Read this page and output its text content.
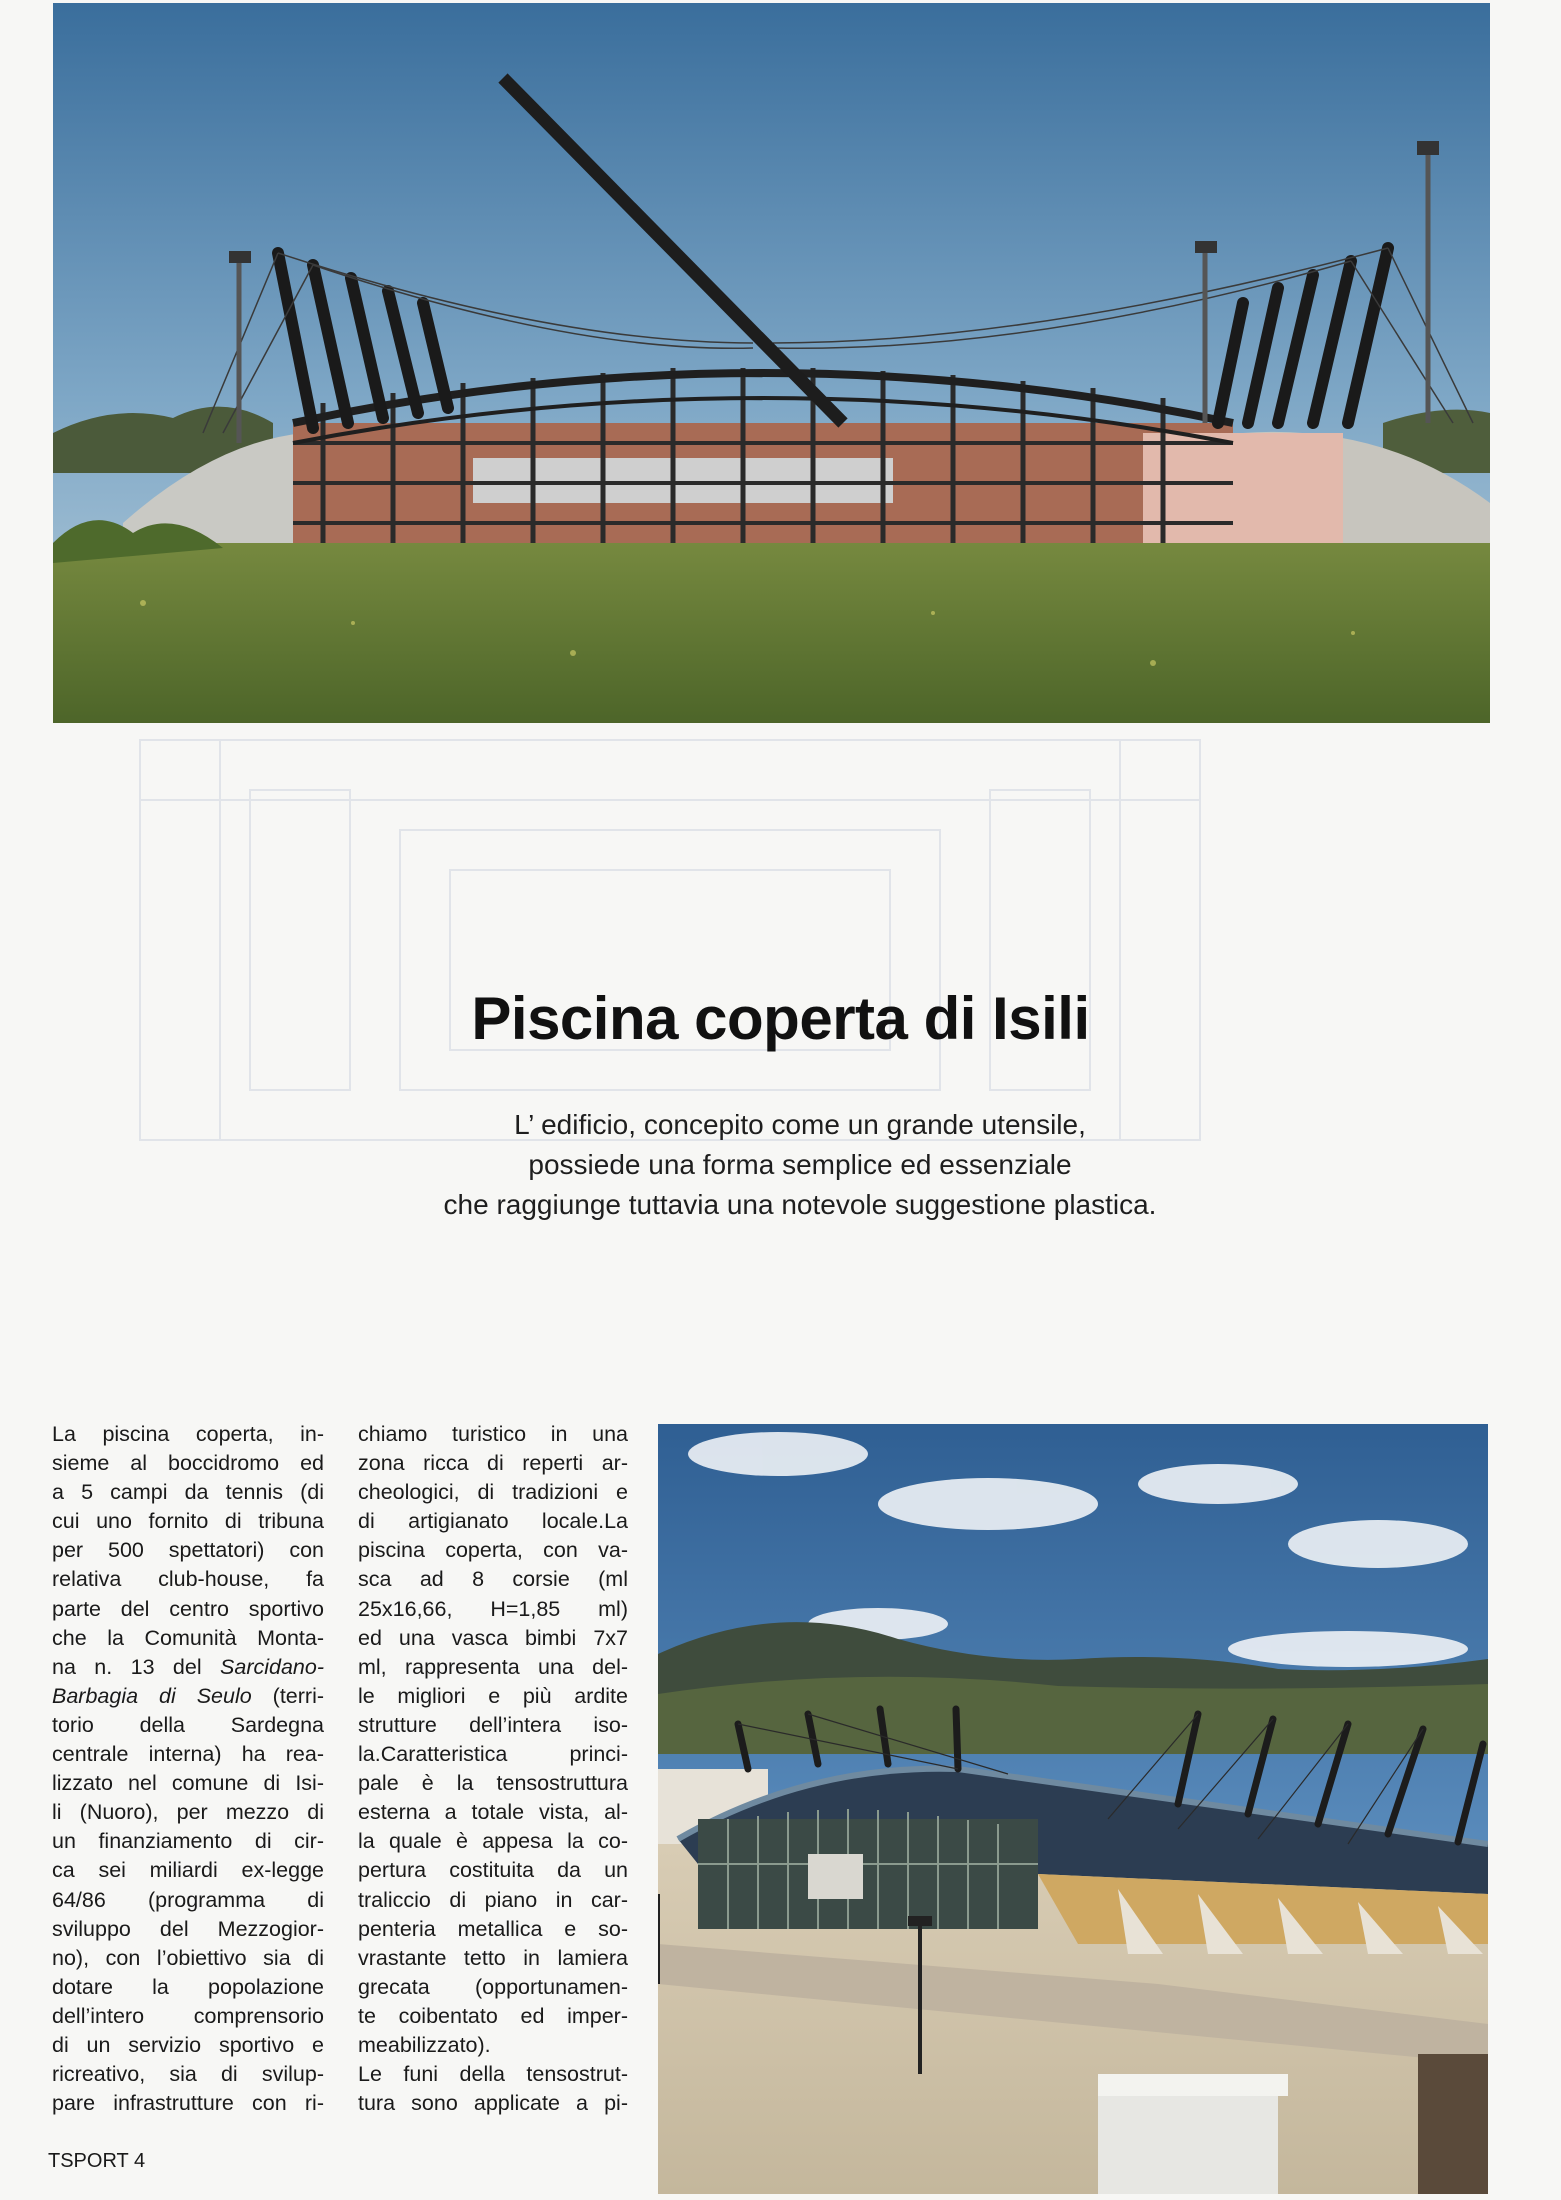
Piscina coperta di Isili
L’ edificio, concepito come un grande utensile,
possiede una forma semplice ed essenziale
che raggiunge tuttavia una notevole suggestione plastica.
La piscina coperta, in-
sieme al boccidromo ed
a 5 campi da tennis (di
cui uno fornito di tribuna
per 500 spettatori) con
relativa club-house, fa
parte del centro sportivo
che la Comunità Monta-
na n. 13 del Sarcidano-
Barbagia di Seulo (terri-
torio della Sardegna
centrale interna) ha rea-
lizzato nel comune di Isi-
li (Nuoro), per mezzo di
un finanziamento di cir-
ca sei miliardi ex-legge
64/86 (programma di
sviluppo del Mezzogior-
no), con l’obiettivo sia di
dotare la popolazione
dell’intero comprensorio
di un servizio sportivo e
ricreativo, sia di svilup-
pare infrastrutture con ri-
chiamo turistico in una
zona ricca di reperti ar-
cheologici, di tradizioni e
di artigianato locale.La
piscina coperta, con va-
sca ad 8 corsie (ml
25x16,66, H=1,85 ml)
ed una vasca bimbi 7x7
ml, rappresenta una del-
le migliori e più ardite
strutture dell’intera iso-
la.Caratteristica princi-
pale è la tensostruttura
esterna a totale vista, al-
la quale è appesa la co-
pertura costituita da un
traliccio di piano in car-
penteria metallica e so-
vrastante tetto in lamiera
grecata (opportunamen-
te coibentato ed imper-
meabilizzato).
Le funi della tensostrut-
tura sono applicate a pi-
TSPORT 4
